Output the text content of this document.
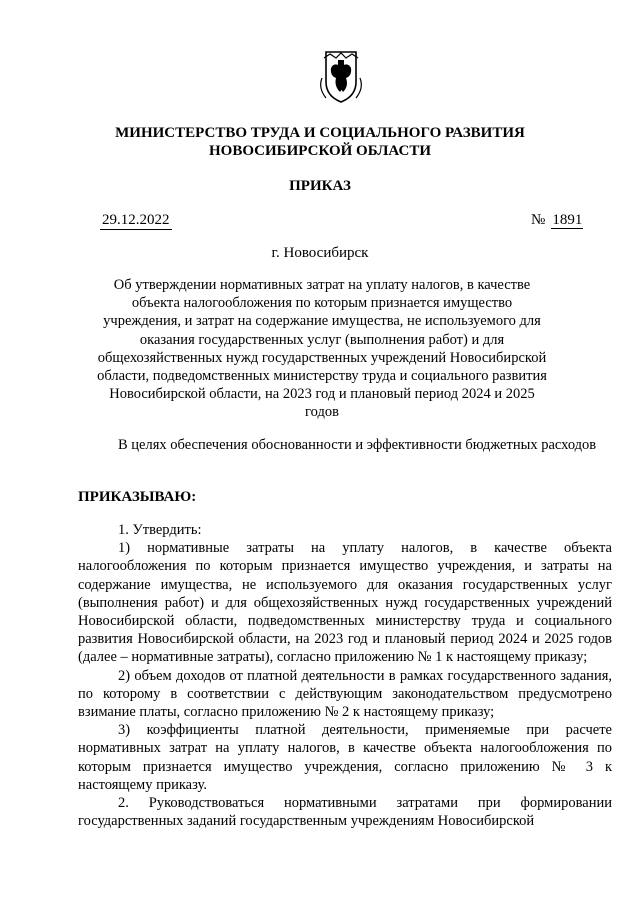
МИНИСТЕРСТВО ТРУДА И СОЦИАЛЬНОГО РАЗВИТИЯ
НОВОСИБИРСКОЙ ОБЛАСТИ
ПРИКАЗ
29.12.2022	№ 1891
г. Новосибирск
Об утверждении нормативных затрат на уплату налогов, в качестве объекта налогообложения по которым признается имущество учреждения, и затрат на содержание имущества, не используемого для оказания государственных услуг (выполнения работ) и для общехозяйственных нужд государственных учреждений Новосибирской области, подведомственных министерству труда и социального развития Новосибирской области, на 2023 год и плановый период 2024 и 2025 годов

В целях обеспечения обоснованности и эффективности бюджетных расходов

ПРИКАЗЫВАЮ:

1. Утвердить:

1) нормативные затраты на уплату налогов, в качестве объекта налогообложения по которым признается имущество учреждения, и затраты на содержание имущества, не используемого для оказания государственных услуг (выполнения работ) и для общехозяйственных нужд государственных учреждений Новосибирской области, подведомственных министерству труда и социального развития Новосибирской области, на 2023 год и плановый период 2024 и 2025 годов (далее – нормативные затраты), согласно приложению № 1 к настоящему приказу;

2) объем доходов от платной деятельности в рамках государственного задания, по которому в соответствии с действующим законодательством предусмотрено взимание платы, согласно приложению № 2 к настоящему приказу;

3) коэффициенты платной деятельности, применяемые при расчете нормативных затрат на уплату налогов, в качестве объекта налогообложения по которым признается имущество учреждения, согласно приложению № 3 к настоящему приказу.

2. Руководствоваться нормативными затратами при формировании государственных заданий государственным учреждениям Новосибирской
